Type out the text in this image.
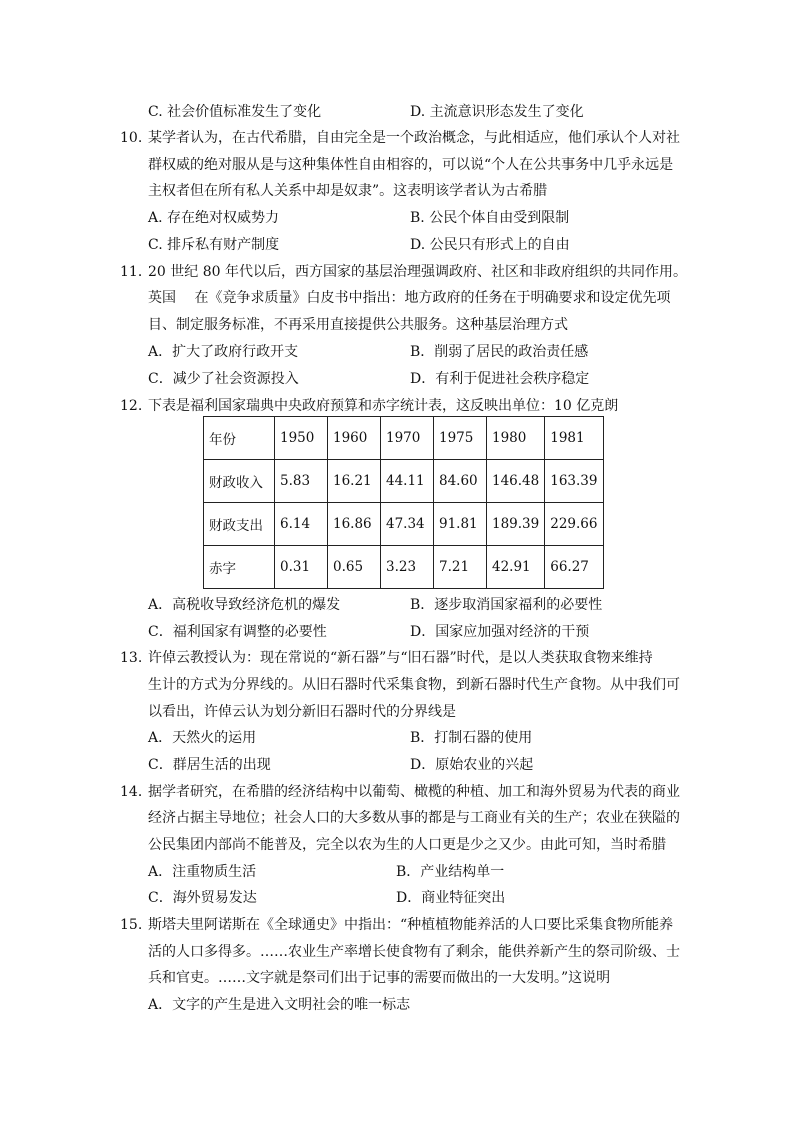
C. 社会价值标准发生了变化	D. 主流意识形态发生了变化
10. 某学者认为，在古代希腊，自由完全是一个政治概念，与此相适应，他们承认个人对社
群权威的绝对服从是与这种集体性自由相容的，可以说“个人在公共事务中几乎永远是
主权者但在所有私人关系中却是奴隶”。这表明该学者认为古希腊
A. 存在绝对权威势力	B. 公民个体自由受到限制
C. 排斥私有财产制度	D. 公民只有形式上的自由
11．
20 世纪 80 年代以后，西方国家的基层治理强调政府、社区和非政府组织的共同作用。
英国　 在《竞争求质量》白皮书中指出：地方政府的任务在于明确要求和设定优先项
目、制定服务标准，不再采用直接提供公共服务。这种基层治理方式
A．扩大了政府行政开支	B．削弱了居民的政治责任感
C．减少了社会资源投入	D．有利于促进社会秩序稳定
12. 下表是福利国家瑞典中央政府预算和赤字统计表，这反映出单位：10 亿克朗
年份	1950	1960	1970	1975	1980	1981
财政收入	5.83	16.21	44.11	84.60	146.48	163.39
财政支出	6.14	16.86	47.34	91.81	189.39	229.66
赤字	0.31	0.65	3.23	7.21	42.91	66.27
A．高税收导致经济危机的爆发	B．逐步取消国家福利的必要性
C．福利国家有调整的必要性	D．国家应加强对经济的干预
13. 许倬云教授认为：现在常说的“新石器”与“旧石器”时代，是以人类获取食物来维持
生计的方式为分界线的。从旧石器时代采集食物，到新石器时代生产食物。从中我们可
以看出，许倬云认为划分新旧石器时代的分界线是
A．天然火的运用	B．打制石器的使用
C．群居生活的出现	D．原始农业的兴起
14．
据学者研究，在希腊的经济结构中以葡萄、橄榄的种植、加工和海外贸易为代表的商业
经济占据主导地位；社会人口的大多数从事的都是与工商业有关的生产；农业在狭隘的
公民集团内部尚不能普及，完全以农为生的人口更是少之又少。由此可知，当时希腊
A．注重物质生活	B．产业结构单一
C．海外贸易发达	D．商业特征突出
15. 斯塔夫里阿诺斯在《全球通史》中指出：“种植植物能养活的人口要比采集食物所能养
活的人口多得多。……农业生产率增长使食物有了剩余，能供养新产生的祭司阶级、士
兵和官吏。……文字就是祭司们出于记事的需要而做出的一大发明。”这说明
A．文字的产生是进入文明社会的唯一标志
